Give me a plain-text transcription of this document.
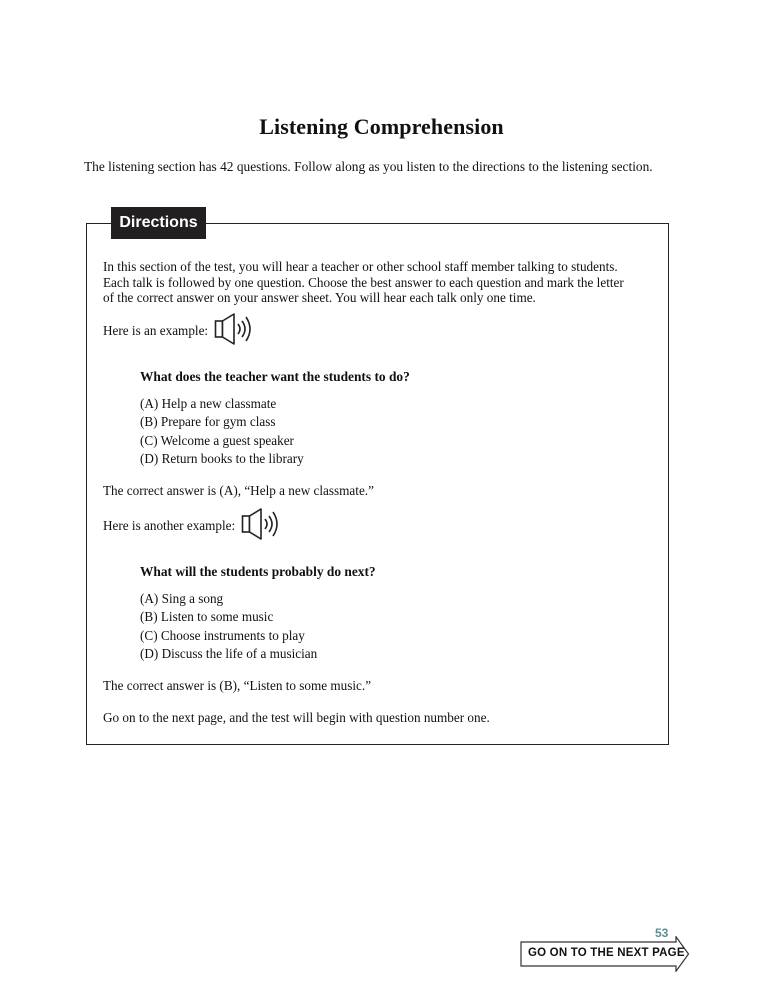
Listening Comprehension
The listening section has 42 questions. Follow along as you listen to the directions to the listening section.
Directions
In this section of the test, you will hear a teacher or other school staff member talking to students.
Each talk is followed by one question. Choose the best answer to each question and mark the letter
of the correct answer on your answer sheet. You will hear each talk only one time.
Here is an example:
What does the teacher want the students to do?
(A) Help a new classmate
(B) Prepare for gym class
(C) Welcome a guest speaker
(D) Return books to the library
The correct answer is (A), “Help a new classmate.”
Here is another example:
What will the students probably do next?
(A) Sing a song
(B) Listen to some music
(C) Choose instruments to play
(D) Discuss the life of a musician
The correct answer is (B), “Listen to some music.”
Go on to the next page, and the test will begin with question number one.
53
GO ON TO THE NEXT PAGE
